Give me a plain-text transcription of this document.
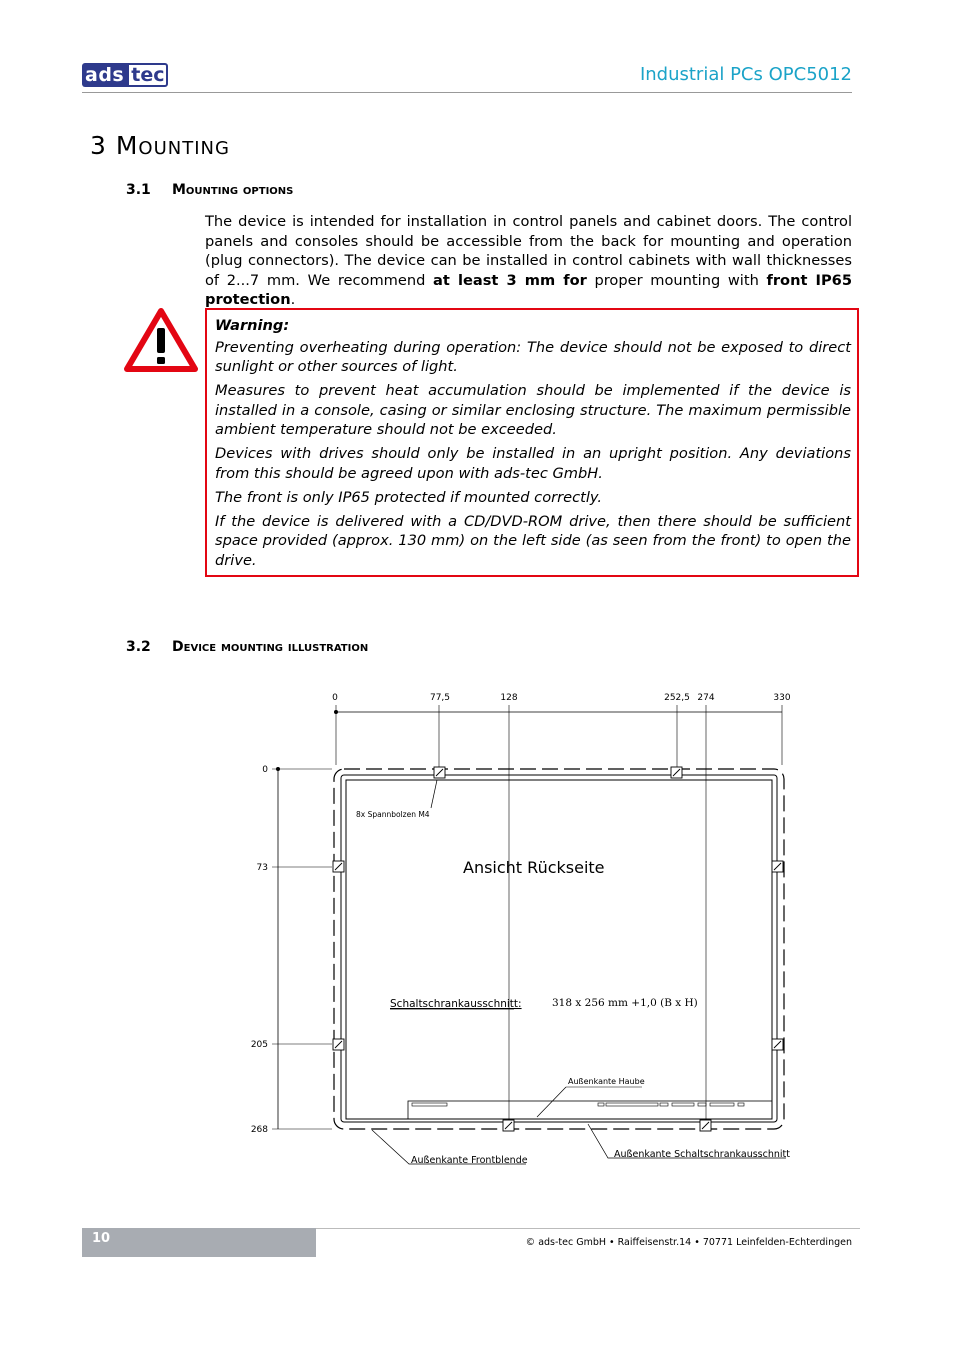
ads tec	Industrial PCs OPC5012
3 Mounting
3.1 Mounting options
The device is intended for installation in control panels and cabinet doors. The control panels and consoles should be accessible from the back for mounting and operation (plug connectors). The device can be installed in control cabinets with wall thicknesses of 2...7 mm. We recommend at least 3 mm for proper mounting with front IP65 protection.

Warning:

Preventing overheating during operation: The device should not be exposed to direct sunlight or other sources of light.

Measures to prevent heat accumulation should be implemented if the device is installed in a console, casing or similar enclosing structure. The maximum permissible ambient temperature should not be exceeded.

Devices with drives should only be installed in an upright position. Any deviations from this should be agreed upon with ads-tec GmbH.

The front is only IP65 protected if mounted correctly.

If the device is delivered with a CD/DVD-ROM drive, then there should be sufficient space provided (approx. 130 mm) on the left side (as seen from the front) to open the drive.

3.2 Device mounting illustration
0	77,5	128	252,5 274	330
0
73
205
268
8x Spannbolzen M4
Ansicht Rückseite
Schaltschrankausschnitt:	318 x 256 mm +1,0 (B x H)
Außenkante Haube
Außenkante Frontblende
Außenkante Schaltschrankausschnitt
10	© ads-tec GmbH • Raiffeisenstr.14 • 70771 Leinfelden-Echterdingen
